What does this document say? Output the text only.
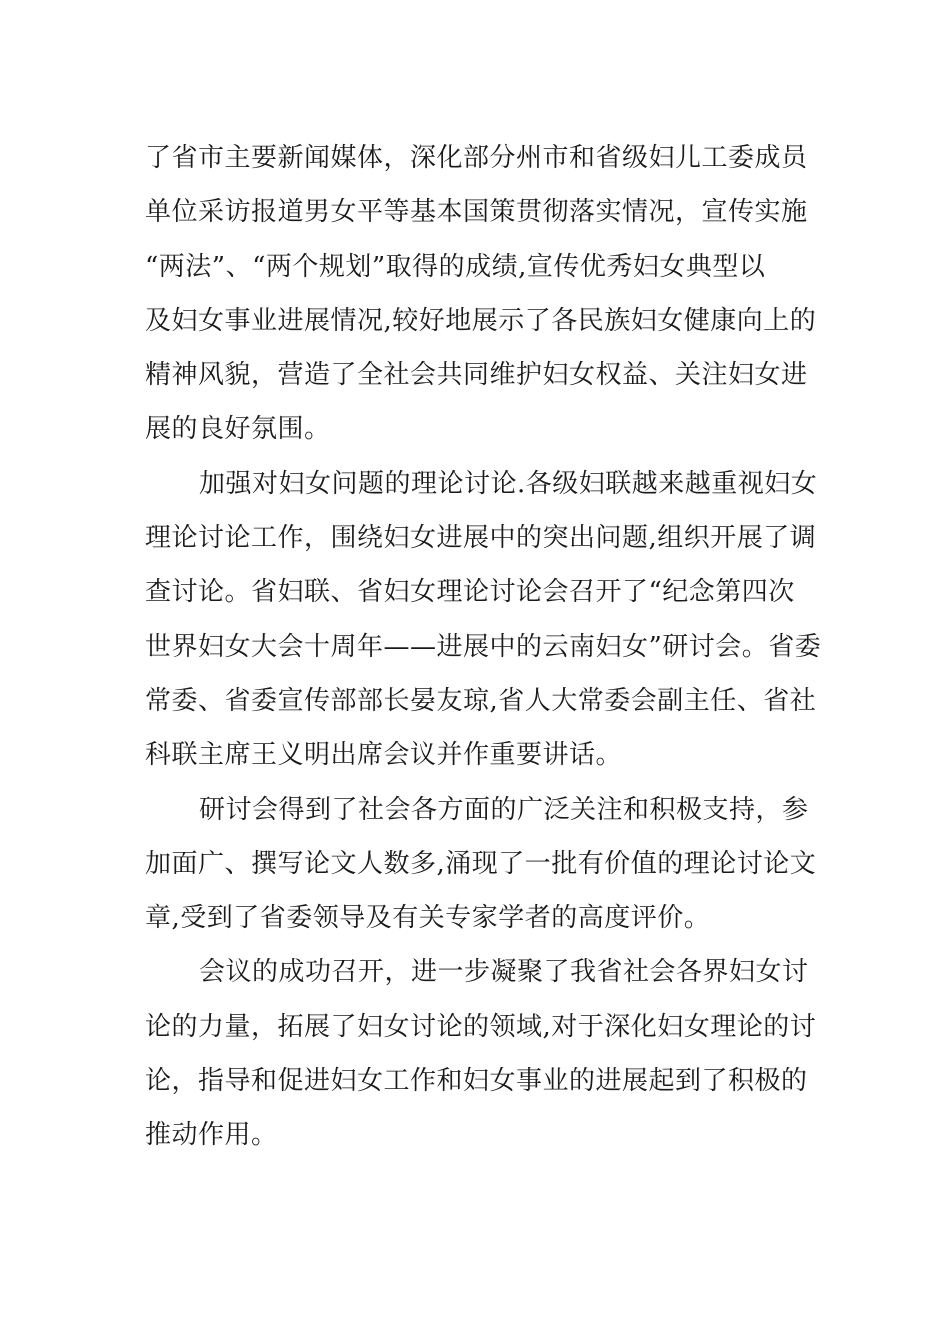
了省市主要新闻媒体，深化部分州市和省级妇儿工委成员
单位采访报道男女平等基本国策贯彻落实情况，宣传实施
“两法”、“两个规划”取得的成绩,宣传优秀妇女典型以
及妇女事业进展情况,较好地展示了各民族妇女健康向上的
精神风貌，营造了全社会共同维护妇女权益、关注妇女进
展的良好氛围。
加强对妇女问题的理论讨论.各级妇联越来越重视妇女
理论讨论工作，围绕妇女进展中的突出问题,组织开展了调
查讨论。省妇联、省妇女理论讨论会召开了“纪念第四次
世界妇女大会十周年——进展中的云南妇女”研讨会。省委
常委、省委宣传部部长晏友琼,省人大常委会副主任、省社
科联主席王义明出席会议并作重要讲话。
研讨会得到了社会各方面的广泛关注和积极支持，参
加面广、撰写论文人数多,涌现了一批有价值的理论讨论文
章,受到了省委领导及有关专家学者的高度评价。
会议的成功召开，进一步凝聚了我省社会各界妇女讨
论的力量，拓展了妇女讨论的领域,对于深化妇女理论的讨
论，指导和促进妇女工作和妇女事业的进展起到了积极的
推动作用。
